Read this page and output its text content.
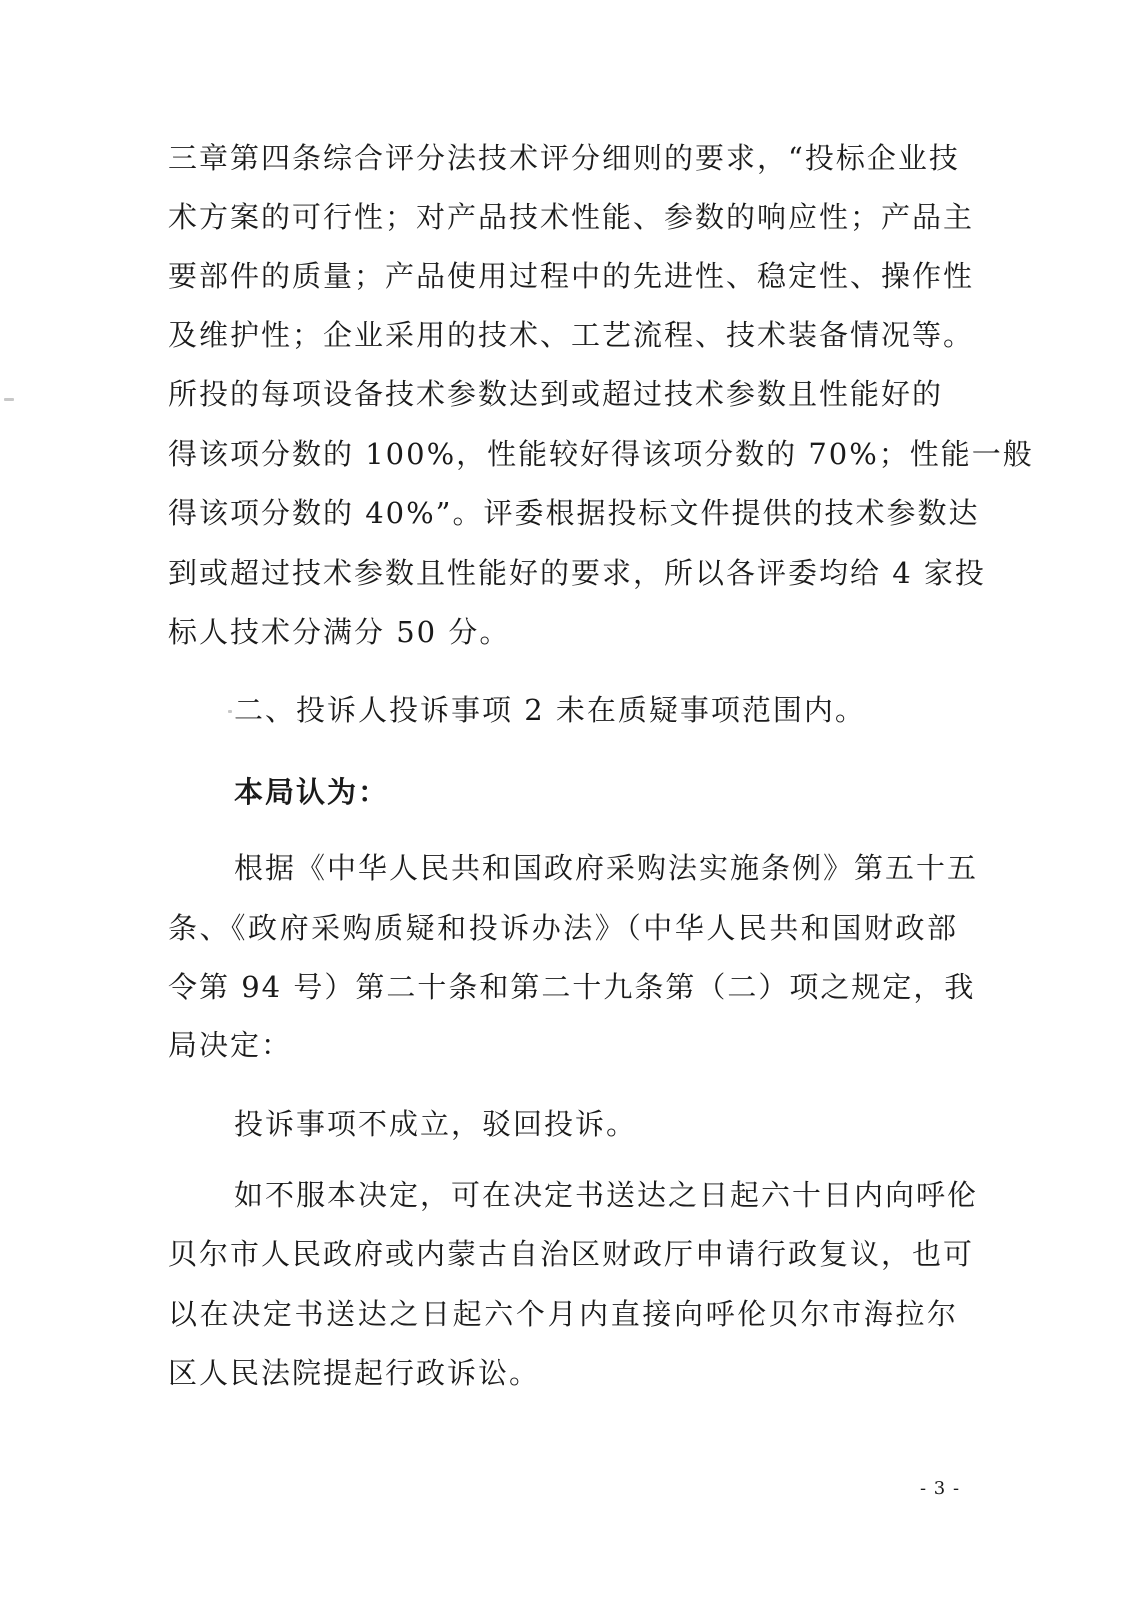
三章第四条综合评分法技术评分细则的要求，“投标企业技
术方案的可行性；对产品技术性能、参数的响应性；产品主
要部件的质量；产品使用过程中的先进性、稳定性、操作性
及维护性；企业采用的技术、工艺流程、技术装备情况等。
所投的每项设备技术参数达到或超过技术参数且性能好的
得该项分数的 100%，性能较好得该项分数的 70%；性能一般
得该项分数的 40%”。评委根据投标文件提供的技术参数达
到或超过技术参数且性能好的要求，所以各评委均给 4 家投
标人技术分满分 50 分。
二、投诉人投诉事项 2 未在质疑事项范围内。
本局认为：
根据《中华人民共和国政府采购法实施条例》第五十五
条、《政府采购质疑和投诉办法》（中华人民共和国财政部
令第 94 号）第二十条和第二十九条第（二）项之规定，我
局决定：
投诉事项不成立，驳回投诉。
如不服本决定，可在决定书送达之日起六十日内向呼伦
贝尔市人民政府或内蒙古自治区财政厅申请行政复议，也可
以在决定书送达之日起六个月内直接向呼伦贝尔市海拉尔
区人民法院提起行政诉讼。
- 3 -
